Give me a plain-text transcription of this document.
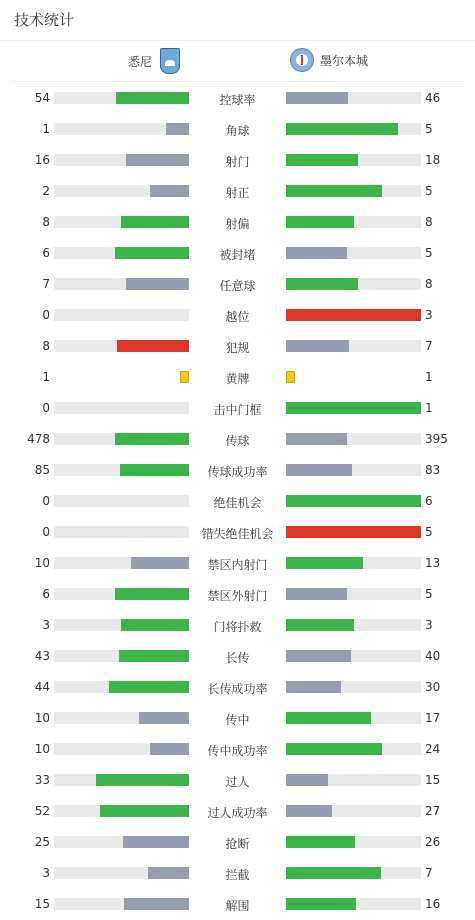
技术统计
悉尼	墨尔本城
54	控球率	46
1	角球	5
16	射门	18
2	射正	5
8	射偏	8
6	被封堵	5
7	任意球	8
0	越位	3
8	犯规	7
1	黄牌	1
0	击中门框	1
478	传球	395
85	传球成功率	83
0	绝佳机会	6
0	错失绝佳机会	5
10	禁区内射门	13
6	禁区外射门	5
3	门将扑救	3
43	长传	40
44	长传成功率	30
10	传中	17
10	传中成功率	24
33	过人	15
52	过人成功率	27
25	抢断	26
3	拦截	7
15	解围	16
